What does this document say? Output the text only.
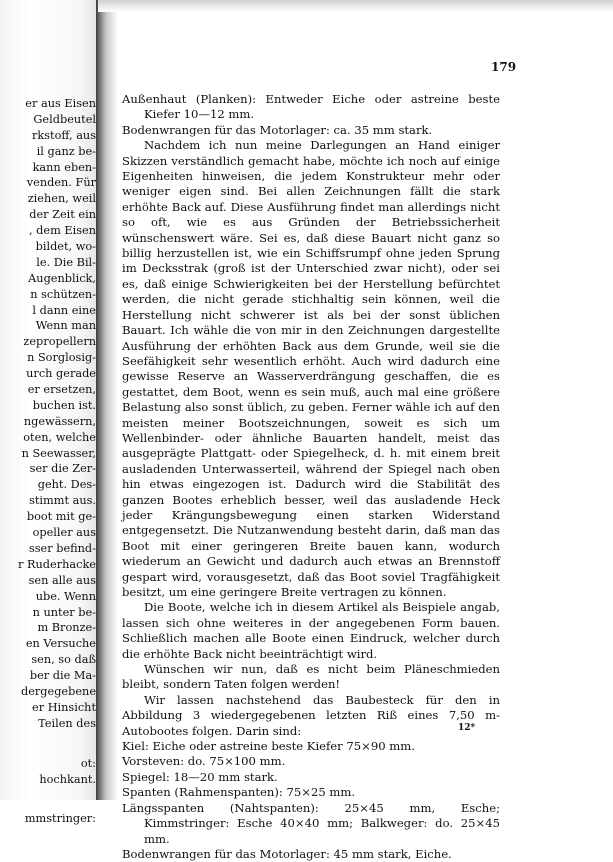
er aus Eisen
Geldbeutel
rkstoff, aus
il ganz be-
kann eben-
venden. Für
ziehen, weil
der Zeit ein
, dem Eisen
bildet, wo-
le. Die Bil-
Augenblick,
n schützen-
l dann eine
Wenn man
zepropellern
n Sorglosig-
urch gerade
er ersetzen,
buchen ist.
ngewässern,
oten, welche
n Seewasser,
ser die Zer-
geht. Des-
stimmt aus.
boot mit ge-
opeller aus
sser befind-
r Ruderhacke
sen alle aus
ube. Wenn
n unter be-
m Bronze-
en Versuche
sen, so daß
ber die Ma-
dergegebene
er Hinsicht
Teilen des
ot:
hochkant.
mmstringer:
179

Außenhaut (Planken): Entweder Eiche oder astreine beste Kiefer 10—12 mm.

Bodenwrangen für das Motorlager: ca. 35 mm stark.

Nachdem ich nun meine Darlegungen an Hand einiger Skizzen verständlich gemacht habe, möchte ich noch auf einige Eigenheiten hinweisen, die jedem Konstrukteur mehr oder weniger eigen sind. Bei allen Zeichnungen fällt die stark erhöhte Back auf. Diese Ausführung findet man allerdings nicht so oft, wie es aus Gründen der Betriebssicherheit wünschenswert wäre. Sei es, daß diese Bauart nicht ganz so billig herzustellen ist, wie ein Schiffsrumpf ohne jeden Sprung im Decksstrak (groß ist der Unterschied zwar nicht), oder sei es, daß einige Schwierigkeiten bei der Herstellung befürchtet werden, die nicht gerade stichhaltig sein können, weil die Herstellung nicht schwerer ist als bei der sonst üblichen Bauart. Ich wähle die von mir in den Zeichnungen dargestellte Ausführung der erhöhten Back aus dem Grunde, weil sie die Seefähigkeit sehr wesentlich erhöht. Auch wird dadurch eine gewisse Reserve an Wasserverdrängung geschaffen, die es gestattet, dem Boot, wenn es sein muß, auch mal eine größere Belastung also sonst üblich, zu geben. Ferner wähle ich auf den meisten meiner Bootszeichnungen, soweit es sich um Wellenbinder- oder ähnliche Bauarten handelt, meist das ausgeprägte Plattgatt- oder Spiegelheck, d. h. mit einem breit ausladenden Unterwasserteil, während der Spiegel nach oben hin etwas eingezogen ist. Dadurch wird die Stabilität des ganzen Bootes erheblich besser, weil das ausladende Heck jeder Krängungsbewegung einen starken Widerstand entgegensetzt. Die Nutzanwendung besteht darin, daß man das Boot mit einer geringeren Breite bauen kann, wodurch wiederum an Gewicht und dadurch auch etwas an Brennstoff gespart wird, vorausgesetzt, daß das Boot soviel Tragfähigkeit besitzt, um eine geringere Breite vertragen zu können.

Die Boote, welche ich in diesem Artikel als Beispiele angab, lassen sich ohne weiteres in der angegebenen Form bauen. Schließlich machen alle Boote einen Eindruck, welcher durch die erhöhte Back nicht beeinträchtigt wird.

Wünschen wir nun, daß es nicht beim Pläneschmieden bleibt, sondern Taten folgen werden!

Wir lassen nachstehend das Baubesteck für den in Abbildung 3 wiedergegebenen letzten Riß eines 7,50 m-Autobootes folgen. Darin sind:

Kiel: Eiche oder astreine beste Kiefer 75×90 mm.

Vorsteven: do. 75×100 mm.

Spiegel: 18—20 mm stark.

Spanten (Rahmenspanten): 75×25 mm.

Längsspanten (Nahtspanten): 25×45 mm, Esche; Kimmstringer: Esche 40×40 mm; Balkweger: do. 25×45 mm.

Bodenwrangen für das Motorlager: 45 mm stark, Eiche.

12*
